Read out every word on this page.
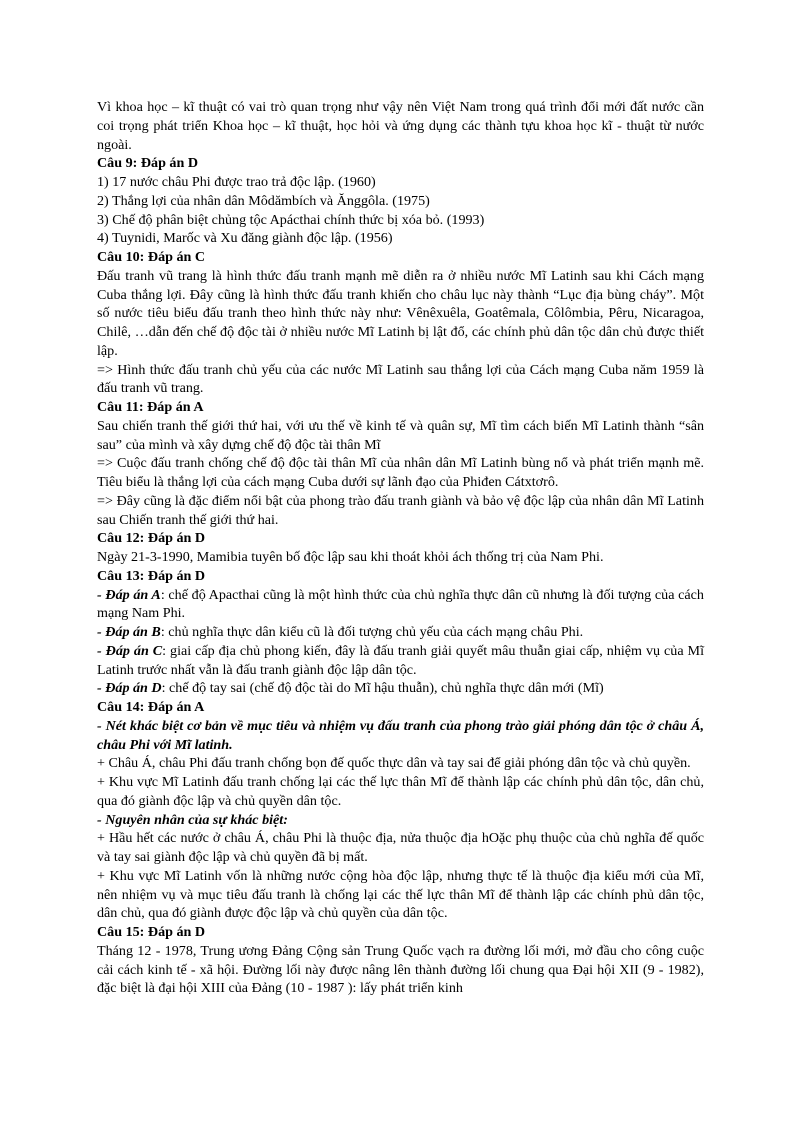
Vì khoa học – kĩ thuật có vai trò quan trọng như vậy nên Việt Nam trong quá trình đổi mới đất nước cần coi trọng phát triển Khoa học – kĩ thuật, học hỏi và ứng dụng các thành tựu khoa học kĩ - thuật từ nước ngoài.

Câu 9: Đáp án D

1) 17 nước châu Phi được trao trả độc lập. (1960)

2) Thắng lợi của nhân dân Môdămbích và Ănggôla. (1975)

3) Chế độ phân biệt chủng tộc Apácthai chính thức bị xóa bỏ. (1993)

4) Tuynidi, Marốc và Xu đăng giành độc lập. (1956)

Câu 10: Đáp án C

Đấu tranh vũ trang là hình thức đấu tranh mạnh mẽ diễn ra ở nhiều nước Mĩ Latinh sau khi Cách mạng Cuba thắng lợi. Đây cũng là hình thức đấu tranh khiến cho châu lục này thành “Lục địa bùng cháy”. Một số nước tiêu biểu đấu tranh theo hình thức này như: Vênêxuêla, Goatêmala, Côlômbia, Pêru, Nicaragoa, Chilê, …dẫn đến chế độ độc tài ở nhiều nước Mĩ Latinh bị lật đổ, các chính phủ dân tộc dân chủ được thiết lập.

=> Hình thức đấu tranh chủ yếu của các nước Mĩ Latinh sau thắng lợi của Cách mạng Cuba năm 1959 là đấu tranh vũ trang.

Câu 11: Đáp án A

Sau chiến tranh thế giới thứ hai, với ưu thế về kinh tế và quân sự, Mĩ tìm cách biến Mĩ Latinh thành “sân sau” của mình và xây dựng chế độ độc tài thân Mĩ

=> Cuộc đấu tranh chống chế độ độc tài thân Mĩ của nhân dân Mĩ Latinh bùng nổ và phát triển mạnh mẽ. Tiêu biểu là thắng lợi của cách mạng Cuba dưới sự lãnh đạo của Phiđen Cátxtơrô.

=> Đây cũng là đặc điểm nổi bật của phong trào đấu tranh giành và bảo vệ độc lập của nhân dân Mĩ Latinh sau Chiến tranh thế giới thứ hai.

Câu 12: Đáp án D

Ngày 21-3-1990, Mamibia tuyên bố độc lập sau khi thoát khỏi ách thống trị của Nam Phi.

Câu 13: Đáp án D

- Đáp án A: chế độ Apacthai cũng là một hình thức của chủ nghĩa thực dân cũ nhưng là đối tượng của cách mạng Nam Phi.

- Đáp án B: chủ nghĩa thực dân kiểu cũ là đối tượng chủ yếu của cách mạng châu Phi.

- Đáp án C: giai cấp địa chủ phong kiến, đây là đấu tranh giải quyết mâu thuẫn giai cấp, nhiệm vụ của Mĩ Latinh trước nhất vẫn là đấu tranh giành độc lập dân tộc.

- Đáp án D: chế độ tay sai (chế độ độc tài do Mĩ hậu thuẫn), chủ nghĩa thực dân mới (Mĩ)

Câu 14: Đáp án A

- Nét khác biệt cơ bản về mục tiêu và nhiệm vụ đấu tranh của phong trào giải phóng dân tộc ở châu Á, châu Phi với Mĩ latinh.

+ Châu Á, châu Phi đấu tranh chống bọn đế quốc thực dân và tay sai để giải phóng dân tộc và chủ quyền.

+ Khu vực Mĩ Latinh đấu tranh chống lại các thế lực thân Mĩ để thành lập các chính phủ dân tộc, dân chủ, qua đó giành độc lập và chủ quyền dân tộc.

- Nguyên nhân của sự khác biệt:

+ Hầu hết các nước ở châu Á, châu Phi là thuộc địa, nửa thuộc địa hOặc phụ thuộc của chủ nghĩa đế quốc và tay sai giành độc lập và chủ quyền đã bị mất.

+ Khu vực Mĩ Latinh vốn là những nước cộng hòa độc lập, nhưng thực tế là thuộc địa kiểu mới của Mĩ, nên nhiệm vụ và mục tiêu đấu tranh là chống lại các thế lực thân Mĩ để thành lập các chính phủ dân tộc, dân chủ, qua đó giành được độc lập và chủ quyền của dân tộc.

Câu 15: Đáp án D

Tháng 12 - 1978, Trung ương Đảng Cộng sản Trung Quốc vạch ra đường lối mới, mở đầu cho công cuộc cải cách kinh tế - xã hội. Đường lối này được nâng lên thành đường lối chung qua Đại hội XII (9 - 1982), đặc biệt là đại hội XIII của Đảng (10 - 1987 ): lấy phát triển kinh
